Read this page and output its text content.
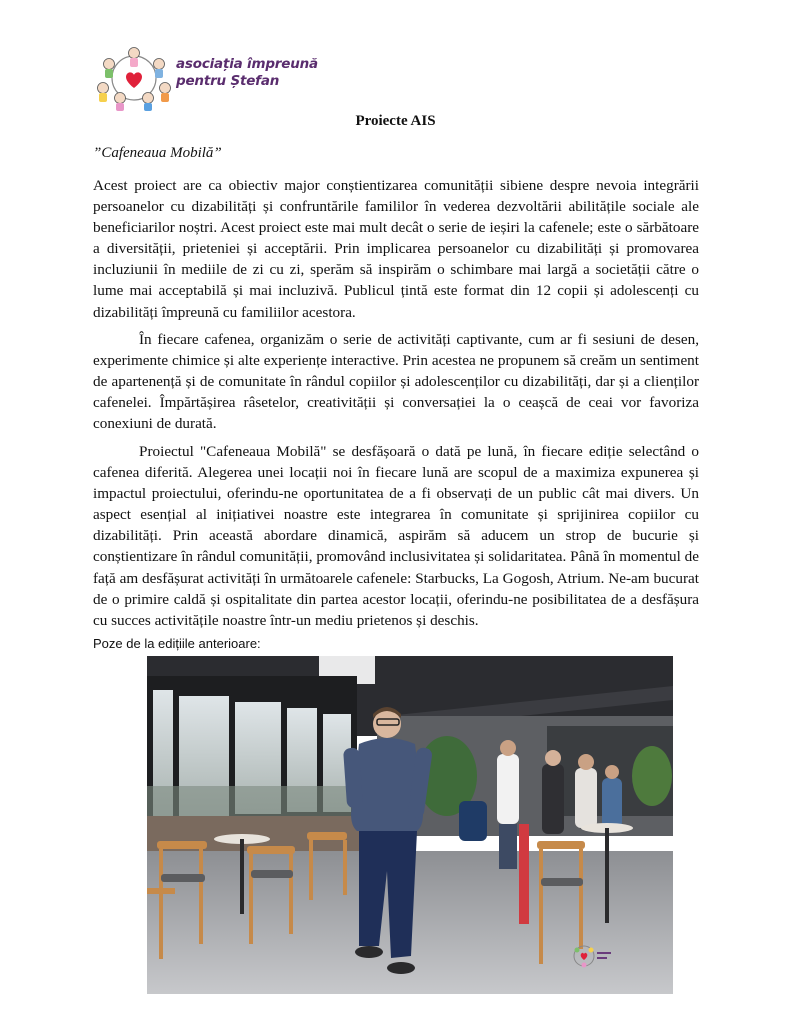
asociația împreună
pentru Ștefan
Proiecte AIS
”Cafeneaua Mobilă”

Acest proiect are ca obiectiv major conștientizarea comunității sibiene despre nevoia integrării persoanelor cu dizabilități și confruntările famililor în vederea dezvoltării abilitățile sociale ale beneficiarilor noștri. Acest proiect este mai mult decât o serie de ieșiri la cafenele; este o sărbătoare a diversității, prieteniei și acceptării. Prin implicarea persoanelor cu dizabilități și promovarea incluziunii în mediile de zi cu zi, sperăm să inspirăm o schimbare mai largă a societății către o lume mai acceptabilă și mai incluzivă. Publicul țintă este format din 12 copii și adolescenți cu dizabilități împreună cu familiilor acestora.

În fiecare cafenea, organizăm o serie de activități captivante, cum ar fi sesiuni de desen, experimente chimice și alte experiențe interactive. Prin acestea ne propunem să creăm un sentiment de apartenență și de comunitate în rândul copiilor și adolescenților cu dizabilități, dar și a clienților cafenelei. Împărtășirea râsetelor, creativității și conversației la o ceașcă de ceai vor favoriza conexiuni de durată.

Proiectul "Cafeneaua Mobilă" se desfășoară o dată pe lună, în fiecare ediție selectând o cafenea diferită. Alegerea unei locații noi în fiecare lună are scopul de a maximiza expunerea și impactul proiectului, oferindu-ne oportunitatea de a fi observați de un public cât mai divers. Un aspect esențial al inițiativei noastre este integrarea în comunitate și sprijinirea copiilor cu dizabilități. Prin această abordare dinamică, aspirăm să aducem un strop de bucurie și conștientizare în rândul comunității, promovând inclusivitatea și solidaritatea. Până în momentul de față am desfășurat activități în următoarele cafenele: Starbucks, La Gogosh, Atrium. Ne-am bucurat de o primire caldă și ospitalitate din partea acestor locații, oferindu-ne posibilitatea de a desfășura cu succes activitățile noastre într-un mediu prietenos și deschis.

Poze de la edițiile anterioare:
